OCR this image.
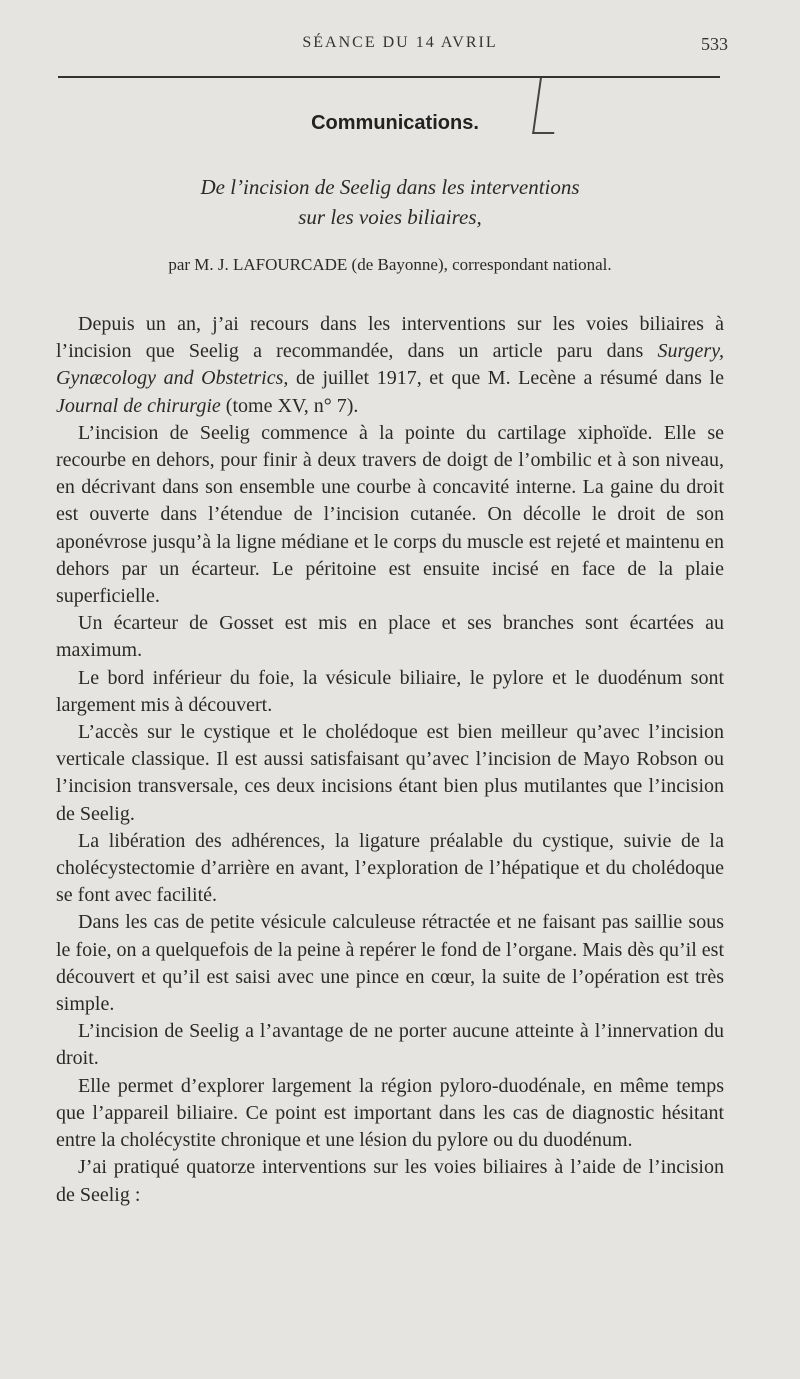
SÉANCE DU 14 AVRIL	533
Communications.
De l’incision de Seelig dans les interventions
sur les voies biliaires,
par M. J. LAFOURCADE (de Bayonne), correspondant national.

Depuis un an, j’ai recours dans les interventions sur les voies biliaires à l’incision que Seelig a recommandée, dans un article paru dans Surgery, Gynæcology and Obstetrics, de juillet 1917, et que M. Lecène a résumé dans le Journal de chirurgie (tome XV, n° 7).

L’incision de Seelig commence à la pointe du cartilage xiphoïde. Elle se recourbe en dehors, pour finir à deux travers de doigt de l’ombilic et à son niveau, en décrivant dans son ensemble une courbe à concavité interne. La gaine du droit est ouverte dans l’étendue de l’incision cutanée. On décolle le droit de son aponévrose jusqu’à la ligne médiane et le corps du muscle est rejeté et maintenu en dehors par un écarteur. Le péritoine est ensuite incisé en face de la plaie superficielle.

Un écarteur de Gosset est mis en place et ses branches sont écartées au maximum.

Le bord inférieur du foie, la vésicule biliaire, le pylore et le duodénum sont largement mis à découvert.

L’accès sur le cystique et le cholédoque est bien meilleur qu’avec l’incision verticale classique. Il est aussi satisfaisant qu’avec l’incision de Mayo Robson ou l’incision transversale, ces deux incisions étant bien plus mutilantes que l’incision de Seelig.

La libération des adhérences, la ligature préalable du cystique, suivie de la cholécystectomie d’arrière en avant, l’exploration de l’hépatique et du cholédoque se font avec facilité.

Dans les cas de petite vésicule calculeuse rétractée et ne faisant pas saillie sous le foie, on a quelquefois de la peine à repérer le fond de l’organe. Mais dès qu’il est découvert et qu’il est saisi avec une pince en cœur, la suite de l’opération est très simple.

L’incision de Seelig a l’avantage de ne porter aucune atteinte à l’innervation du droit.

Elle permet d’explorer largement la région pyloro-duodénale, en même temps que l’appareil biliaire. Ce point est important dans les cas de diagnostic hésitant entre la cholécystite chronique et une lésion du pylore ou du duodénum.

J’ai pratiqué quatorze interventions sur les voies biliaires à l’aide de l’incision de Seelig :
